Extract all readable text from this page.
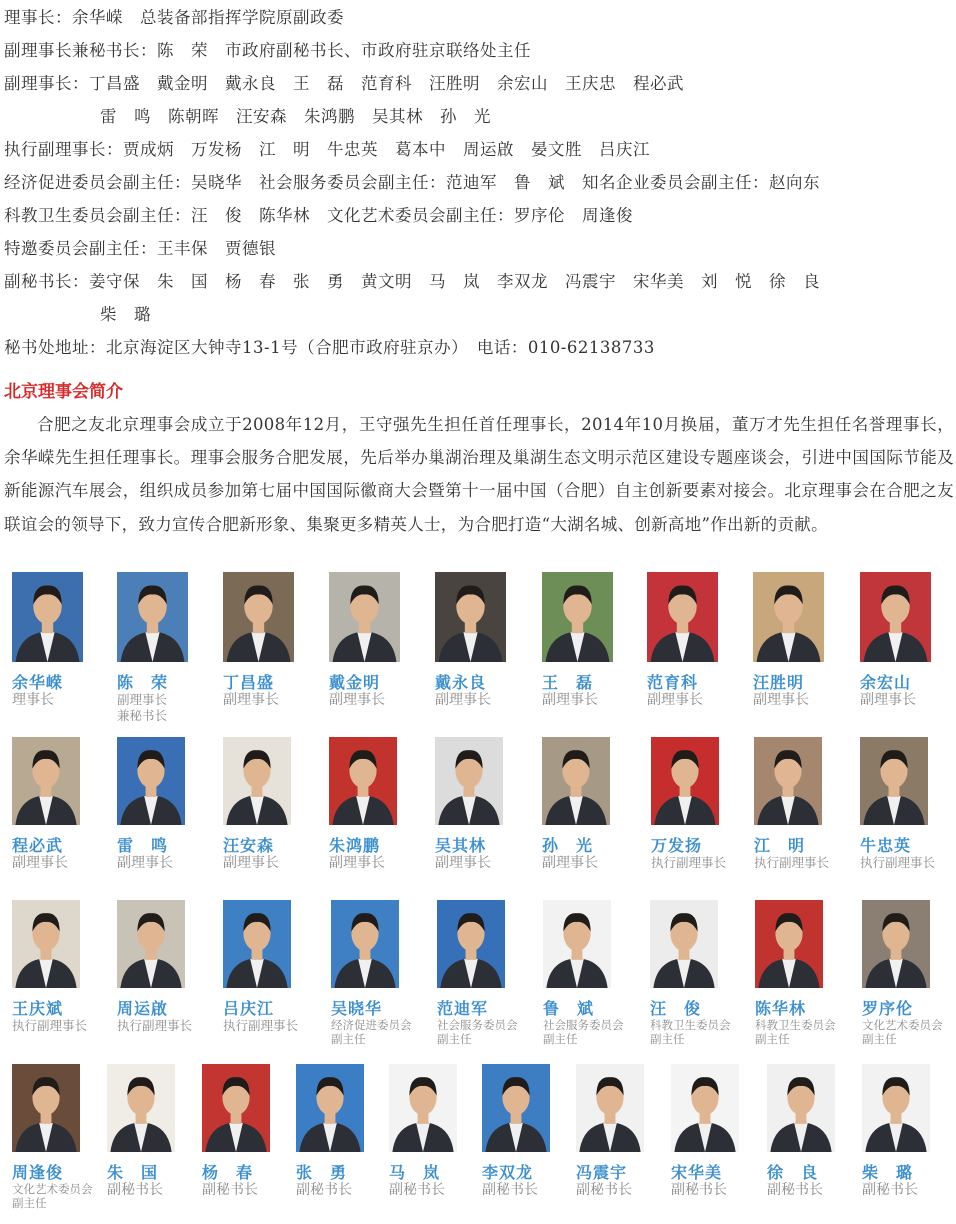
理事长：余华嵘　总装备部指挥学院原副政委
副理事长兼秘书长：陈　荣　市政府副秘书长、市政府驻京联络处主任
副理事长：丁昌盛　戴金明　戴永良　王　磊　范育科　汪胜明　余宏山　王庆忠　程必武
雷　鸣　陈朝晖　汪安森　朱鸿鹏　吴其林　孙　光
执行副理事长：贾成炳　万发杨　江　明　牛忠英　葛本中　周运啟　晏文胜　吕庆江
经济促进委员会副主任：吴晓华　社会服务委员会副主任：范迪军　鲁　斌　知名企业委员会副主任：赵向东
科教卫生委员会副主任：汪　俊　陈华林　文化艺术委员会副主任：罗序伦　周逢俊
特邀委员会副主任：王丰保　贾德银
副秘书长：姜守保　朱　国　杨　春　张　勇　黄文明　马　岚　李双龙　冯震宇　宋华美　刘　悦　徐　良
柴　璐
秘书处地址：北京海淀区大钟寺13-1号（合肥市政府驻京办）　电话：010-62138733
北京理事会简介
合肥之友北京理事会成立于2008年12月，王守强先生担任首任理事长，2014年10月换届，董万才先生担任名誉理事长，余华嵘先生担任理事长。理事会服务合肥发展，先后举办巢湖治理及巢湖生态文明示范区建设专题座谈会，引进中国国际节能及新能源汽车展会，组织成员参加第七届中国国际徽商大会暨第十一届中国（合肥）自主创新要素对接会。北京理事会在合肥之友联谊会的领导下，致力宣传合肥新形象、集聚更多精英人士，为合肥打造“大湖名城、创新高地”作出新的贡献。
余华嵘
理事长
陈　荣
副理事长
兼秘书长
丁昌盛
副理事长
戴金明
副理事长
戴永良
副理事长
王　磊
副理事长
范育科
副理事长
汪胜明
副理事长
余宏山
副理事长
程必武
副理事长
雷　鸣
副理事长
汪安森
副理事长
朱鸿鹏
副理事长
吴其林
副理事长
孙　光
副理事长
万发扬
执行副理事长
江　明
执行副理事长
牛忠英
执行副理事长
王庆斌
执行副理事长
周运啟
执行副理事长
吕庆江
执行副理事长
吴晓华
经济促进委员会
副主任
范迪军
社会服务委员会
副主任
鲁　斌
社会服务委员会
副主任
汪　俊
科教卫生委员会
副主任
陈华林
科教卫生委员会
副主任
罗序伦
文化艺术委员会
副主任
周逢俊
文化艺术委员会
副主任
朱　国
副秘书长
杨　春
副秘书长
张　勇
副秘书长
马　岚
副秘书长
李双龙
副秘书长
冯震宇
副秘书长
宋华美
副秘书长
徐　良
副秘书长
柴　璐
副秘书长
